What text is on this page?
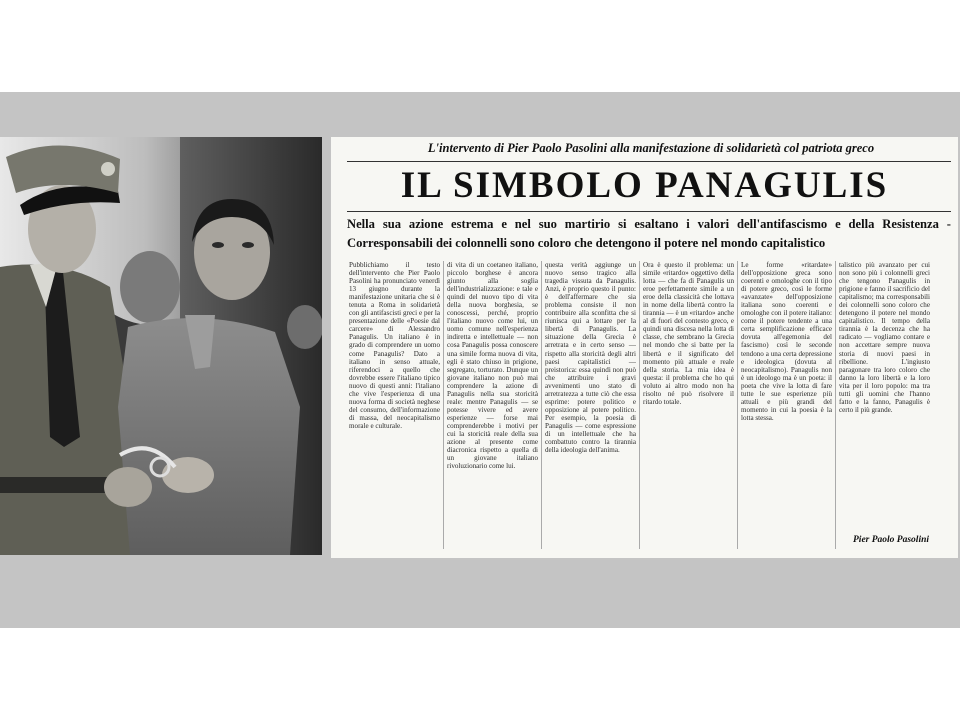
L'intervento di Pier Paolo Pasolini alla manifestazione di solidarietà col patriota greco
IL SIMBOLO PANAGULIS
Nella sua azione estrema e nel suo martirio si esaltano i valori dell'antifascismo e della Resistenza - Corresponsabili dei colonnelli sono coloro che detengono il potere nel mondo capitalistico
Pubblichiamo il testo dell'intervento che Pier Paolo Pasolini ha pronunciato venerdì 13 giugno durante la manifestazione unitaria che si è tenuta a Roma in solidarietà con gli antifascisti greci e per la presentazione delle «Poesie dal carcere» di Alessandro Panagulis. Un italiano è in grado di comprendere un uomo come Panagulis? Dato a italiano in senso attuale, riferendoci a quello che dovrebbe essere l'italiano tipico nuovo di questi anni: l'italiano che vive l'esperienza di una nuova forma di società neghese del consumo, dell'informazione di massa, del neocapitalismo morale e culturale.
di vita di un coetaneo italiano, piccolo borghese è ancora giunto alla soglia dell'industrializzazione: e tale e quindi del nuovo tipo di vita della nuova borghesia, se conoscessi, perché, proprio l'italiano nuovo come lui, un uomo comune nell'esperienza indiretta e intellettuale — non cosa Panagulis possa conoscere una simile forma nuova di vita, egli è stato chiuso in prigione, segregato, torturato. Dunque un giovane italiano non può mai comprendere la azione di Panagulis nella sua storicità reale: mentre Panagulis — se potesse vivere ed avere esperienze — forse mai comprenderebbe i motivi per cui la storicità reale della sua azione al presente come diacronica rispetto a quella di un giovane italiano rivoluzionario come lui.
questa verità aggiunge un nuovo senso tragico alla tragedia vissuta da Panagulis. Anzi, è proprio questo il punto: è dell'affermare che sia problema consiste il non contribuire alla sconfitta che si riunisca qui a lottare per la libertà di Panagulis. La situazione della Grecia è arretrata e in certo senso — rispetto alla storicità degli altri paesi capitalistici — preistorica: essa quindi non può che attribuire i gravi avvenimenti uno stato di arretratezza a tutte ciò che essa esprime: potere politico e opposizione al potere politico. Per esempio, la poesia di Panagulis — come espressione di un intellettuale che ha combattuto contro la tirannia della ideologia dell'anima.
Ora è questo il problema: un simile «ritardo» oggettivo della lotta — che fa di Panagulis un eroe perfettamente simile a un eroe della classicità che lottava in nome della libertà contro la tirannia — è un «ritardo» anche al di fuori del contesto greco, e quindi una discesa nella lotta di classe, che sembrano la Grecia nel mondo che si batte per la libertà e il significato del momento più attuale e reale della storia. La mia idea è questa: il problema che ho qui voluto ai altro modo non ha risolto né può risolvere il ritardo totale.
Le forme «ritardate» dell'opposizione greca sono coerenti e omologhe con il tipo di potere greco, così le forme «avanzate» dell'opposizione italiana sono coerenti e omologhe con il potere italiano: come il potere tendente a una certa semplificazione efficace dovuta all'egemonia del fascismo) così le seconde tendono a una certa depressione e ideologica (dovuta al neocapitalismo). Panagulis non è un ideologo ma è un poeta: il poeta che vive la lotta di fare tutte le sue esperienze più attuali e più grandi del momento in cui la poesia è la lotta stessa.
talistico più avanzato per cui non sono più i colonnelli greci che tengono Panagulis in prigione e fanno il sacrificio del capitalismo; ma corresponsabili dei colonnelli sono coloro che detengono il potere nel mondo capitalistico. Il tempo della tirannia è la decenza che ha radicato — vogliamo contare e non accettare sempre nuova storia di nuovi paesi in ribellione. L'ingiusto paragonare tra loro coloro che danno la loro libertà e la loro vita per il loro popolo: ma tra tutti gli uomini che l'hanno fatto e la fanno, Panagulis è certo il più grande.
Pier Paolo Pasolini
